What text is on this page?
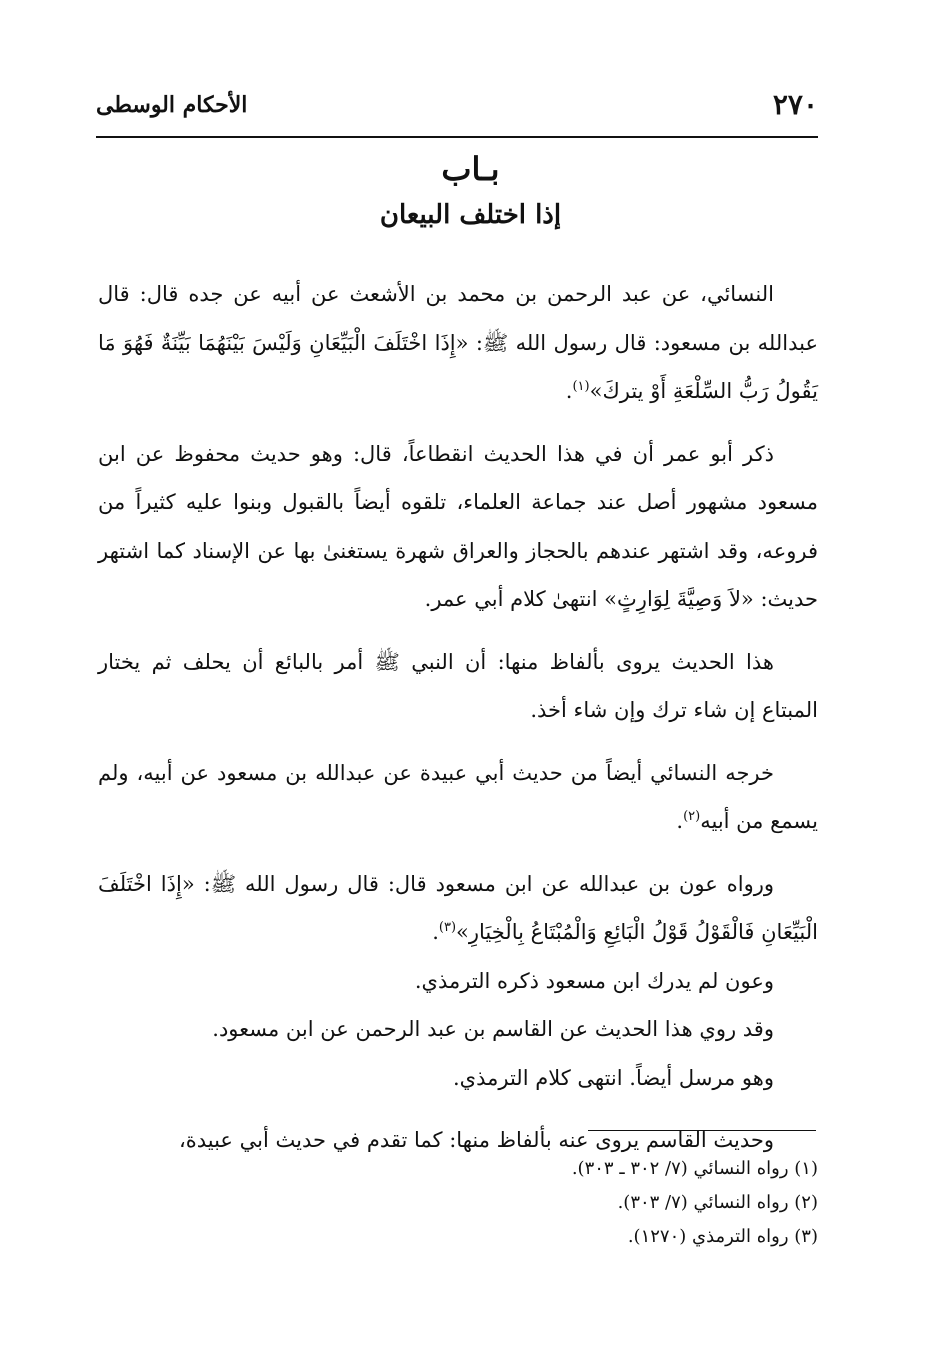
٢٧٠
الأحكام الوسطى
بـاب
إذا اختلف البيعان

النسائي، عن عبد الرحمن بن محمد بن الأشعث عن أبيه عن جده قال: قال عبدالله بن مسعود: قال رسول الله ﷺ: «إِذَا اخْتَلَفَ الْبَيِّعَانِ وَلَيْسَ بَيْنَهُمَا بَيِّنَةٌ فَهُوَ مَا يَقُولُ رَبُّ السِّلْعَةِ أَوْ يتركَ»$^{(١)}$.

ذكر أبو عمر أن في هذا الحديث انقطاعاً، قال: وهو حديث محفوظ عن ابن مسعود مشهور أصل عند جماعة العلماء، تلقوه أيضاً بالقبول وبنوا عليه كثيراً من فروعه، وقد اشتهر عندهم بالحجاز والعراق شهرة يستغنىٰ بها عن الإسناد كما اشتهر حديث: «لاَ وَصِيَّةَ لِوَارِثٍ» انتهىٰ كلام أبي عمر.

هذا الحديث يروى بألفاظ منها: أن النبي ﷺ أمر بالبائع أن يحلف ثم يختار المبتاع إن شاء ترك وإن شاء أخذ.

خرجه النسائي أيضاً من حديث أبي عبيدة عن عبدالله بن مسعود عن أبيه، ولم يسمع من أبيه$^{(٢)}$.

ورواه عون بن عبدالله عن ابن مسعود قال: قال رسول الله ﷺ: «إِذَا اخْتَلَفَ الْبَيِّعَانِ فَالْقَوْلُ قَوْلُ الْبَائِعِ وَالْمُبْتَاعُ بِالْخِيَارِ»$^{(٣)}$.

وعون لم يدرك ابن مسعود ذكره الترمذي.

وقد روي هذا الحديث عن القاسم بن عبد الرحمن عن ابن مسعود.

وهو مرسل أيضاً. انتهى كلام الترمذي.

وحديث القاسم يروى عنه بألفاظ منها: كما تقدم في حديث أبي عبيدة،

(١) رواه النسائي (٧/ ٣٠٢ ـ ٣٠٣).
(٢) رواه النسائي (٧/ ٣٠٣).
(٣) رواه الترمذي (١٢٧٠).
